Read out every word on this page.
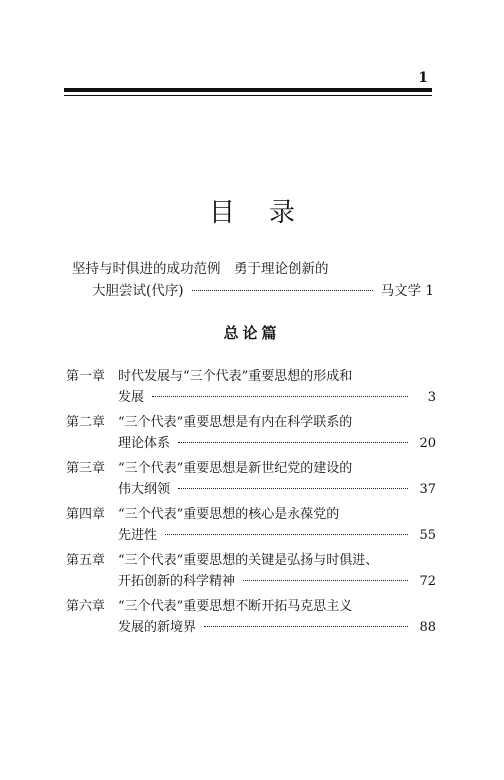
1
目录
坚持与时俱进的成功范例　勇于理论创新的
大胆尝试(代序)	马文学 1
总论篇
第一章 时代发展与“三个代表”重要思想的形成和
发展	3
第二章 “三个代表”重要思想是有内在科学联系的
理论体系	20
第三章 “三个代表”重要思想是新世纪党的建设的
伟大纲领	37
第四章 “三个代表”重要思想的核心是永葆党的
先进性	55
第五章 “三个代表”重要思想的关键是弘扬与时俱进、
开拓创新的科学精神	72
第六章 “三个代表”重要思想不断开拓马克思主义
发展的新境界	88
